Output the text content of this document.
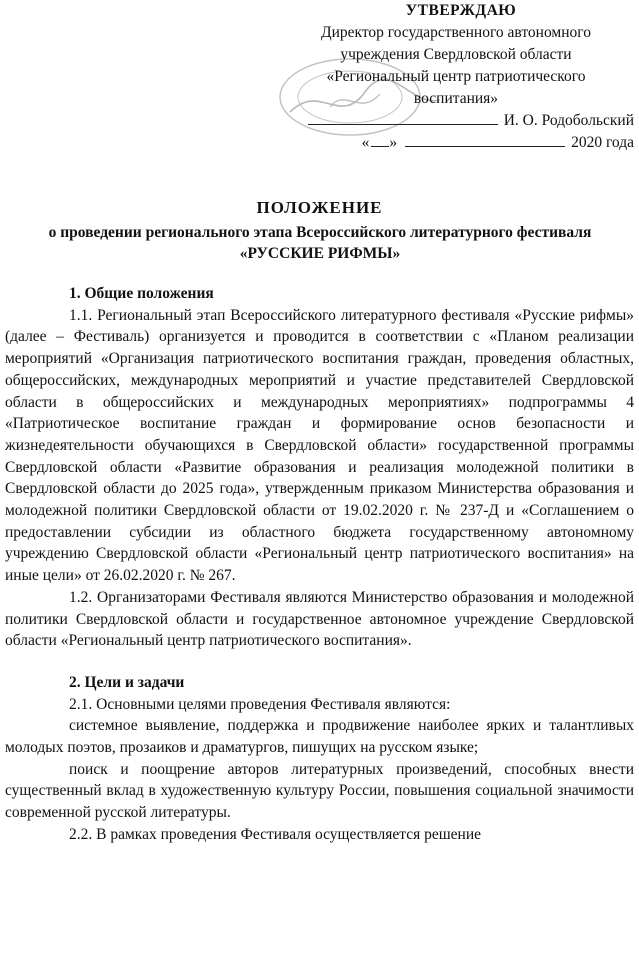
УТВЕРЖДАЮ
Директор государственного автономного
учреждения Свердловской области
«Региональный центр патриотического
воспитания»
И. О. Родобольский
« »	2020 года
ПОЛОЖЕНИЕ
о проведении регионального этапа Всероссийского литературного фестиваля «РУССКИЕ РИФМЫ»
1. Общие положения

1.1. Региональный этап Всероссийского литературного фестиваля «Русские рифмы» (далее – Фестиваль) организуется и проводится в соответствии с «Планом реализации мероприятий «Организация патриотического воспитания граждан, проведения областных, общероссийских, международных мероприятий и участие представителей Свердловской области в общероссийских и международных мероприятиях» подпрограммы 4 «Патриотическое воспитание граждан и формирование основ безопасности и жизнедеятельности обучающихся в Свердловской области» государственной программы Свердловской области «Развитие образования и реализация молодежной политики в Свердловской области до 2025 года», утвержденным приказом Министерства образования и молодежной политики Свердловской области от 19.02.2020 г. № 237-Д и «Соглашением о предоставлении субсидии из областного бюджета государственному автономному учреждению Свердловской области «Региональный центр патриотического воспитания» на иные цели» от 26.02.2020 г. № 267.

1.2. Организаторами Фестиваля являются Министерство образования и молодежной политики Свердловской области и государственное автономное учреждение Свердловской области «Региональный центр патриотического воспитания».

2. Цели и задачи

2.1. Основными целями проведения Фестиваля являются:

системное выявление, поддержка и продвижение наиболее ярких и талантливых молодых поэтов, прозаиков и драматургов, пишущих на русском языке;

поиск и поощрение авторов литературных произведений, способных внести существенный вклад в художественную культуру России, повышения социальной значимости современной русской литературы.

2.2. В рамках проведения Фестиваля осуществляется решение
